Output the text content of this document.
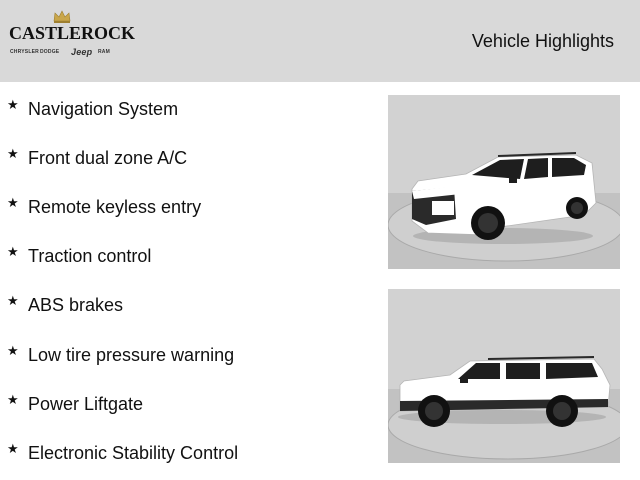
CASTLEROCK
CHRYSLER DODGE Jeep RAM
Vehicle Highlights
★ Navigation System
★ Front dual zone A/C
★ Remote keyless entry
★ Traction control
★ ABS brakes
★ Low tire pressure warning
★ Power Liftgate
★ Electronic Stability Control
